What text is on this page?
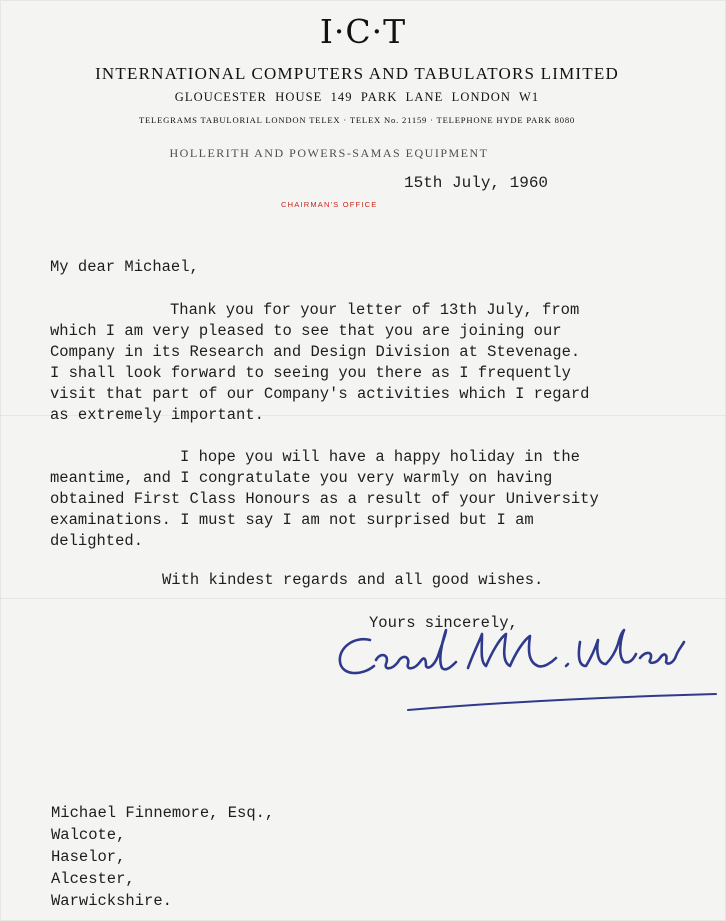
I·C·T
INTERNATIONAL COMPUTERS AND TABULATORS LIMITED
GLOUCESTER HOUSE 149 PARK LANE LONDON W1
TELEGRAMS TABULORIAL LONDON TELEX · TELEX No. 21159 · TELEPHONE HYDE PARK 8080
HOLLERITH AND POWERS-SAMAS EQUIPMENT
15th July, 1960
CHAIRMAN'S OFFICE
My dear Michael,
Thank you for your letter of 13th July, from
which I am very pleased to see that you are joining our
Company in its Research and Design Division at Stevenage.
I shall look forward to seeing you there as I frequently
visit that part of our Company's activities which I regard
as extremely important.
I hope you will have a happy holiday in the
meantime, and I congratulate you very warmly on having
obtained First Class Honours as a result of your University
examinations. I must say I am not surprised but I am
delighted.
With kindest regards and all good wishes.
Yours sincerely,
Michael Finnemore, Esq.,
Walcote,
Haselor,
Alcester,
Warwickshire.
